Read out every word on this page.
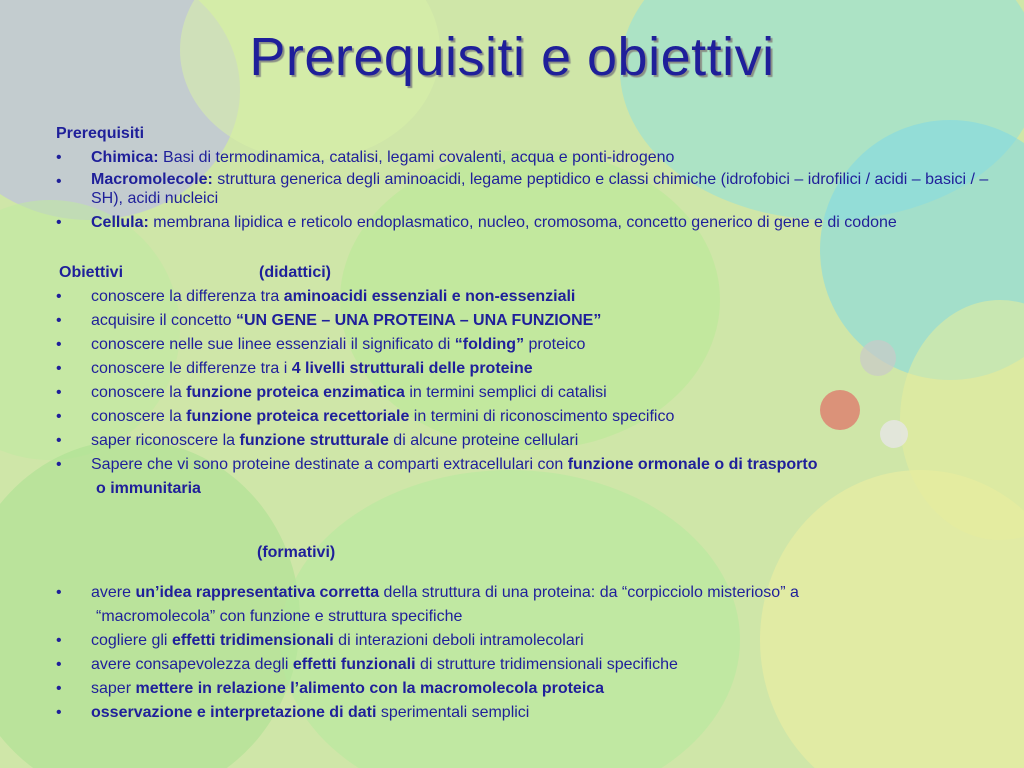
Prerequisiti e obiettivi

Prerequisiti

•	Chimica: Basi di termodinamica, catalisi, legami covalenti, acqua e ponti-idrogeno

•	Macromolecole: struttura generica degli aminoacidi, legame peptidico e classi chimiche (idrofobici – idrofilici / acidi – basici / –SH), acidi nucleici

•	Cellula: membrana lipidica e reticolo endoplasmatico, nucleo, cromosoma, concetto generico di gene e di codone

Obiettivi	(didattici)

•	conoscere la differenza tra aminoacidi essenziali e non-essenziali

•	acquisire il concetto “UN GENE – UNA PROTEINA – UNA FUNZIONE”

•	conoscere nelle sue linee essenziali il significato di “folding” proteico

•	conoscere le differenze tra i 4 livelli strutturali delle proteine

•	conoscere la funzione proteica enzimatica in termini semplici di catalisi

•	conoscere la funzione proteica recettoriale in termini di riconoscimento specifico

•	saper riconoscere la funzione strutturale di alcune proteine cellulari

•	Sapere che vi sono proteine destinate a comparti extracellulari con funzione ormonale o di trasporto

o immunitaria

(formativi)

•	avere un’idea rappresentativa corretta della struttura di una proteina: da “corpicciolo misterioso” a

“macromolecola” con funzione e struttura specifiche

•	cogliere gli effetti tridimensionali di interazioni deboli intramolecolari

•	avere consapevolezza degli effetti funzionali di strutture tridimensionali specifiche

•	saper mettere in relazione l’alimento con la macromolecola proteica

•	osservazione e interpretazione di dati sperimentali semplici
